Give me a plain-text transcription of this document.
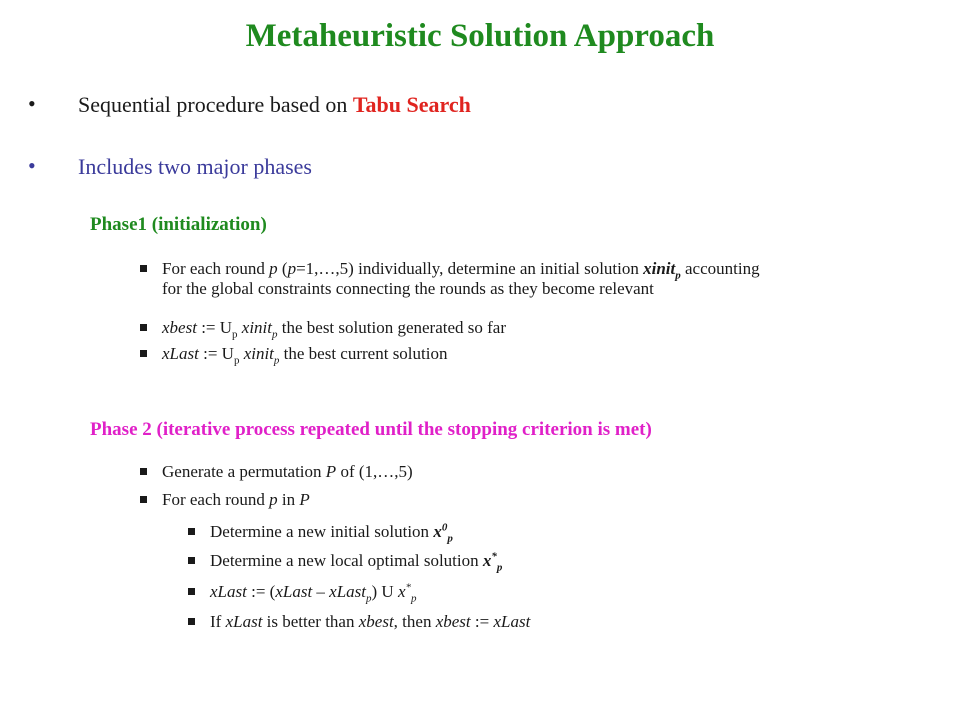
Metaheuristic Solution Approach
• Sequential procedure based on Tabu Search
• Includes two major phases
Phase1 (initialization)
For each round p (p=1,…,5) individually, determine an initial solution xinit$_p$ accounting
for the global constraints connecting the rounds as they become relevant
xbest := $U_p$ xinit$_p$ the best solution generated so far
xLast := $U_p$ xinit$_p$ the best current solution
Phase 2 (iterative process repeated until the stopping criterion is met)
Generate a permutation P of (1,…,5)
For each round p in P
Determine a new initial solution $x^0_p$
Determine a new local optimal solution $x^*_p$
xLast := (xLast – xLast$_p$) U $x^*_p$
If xLast is better than xbest, then xbest := xLast
